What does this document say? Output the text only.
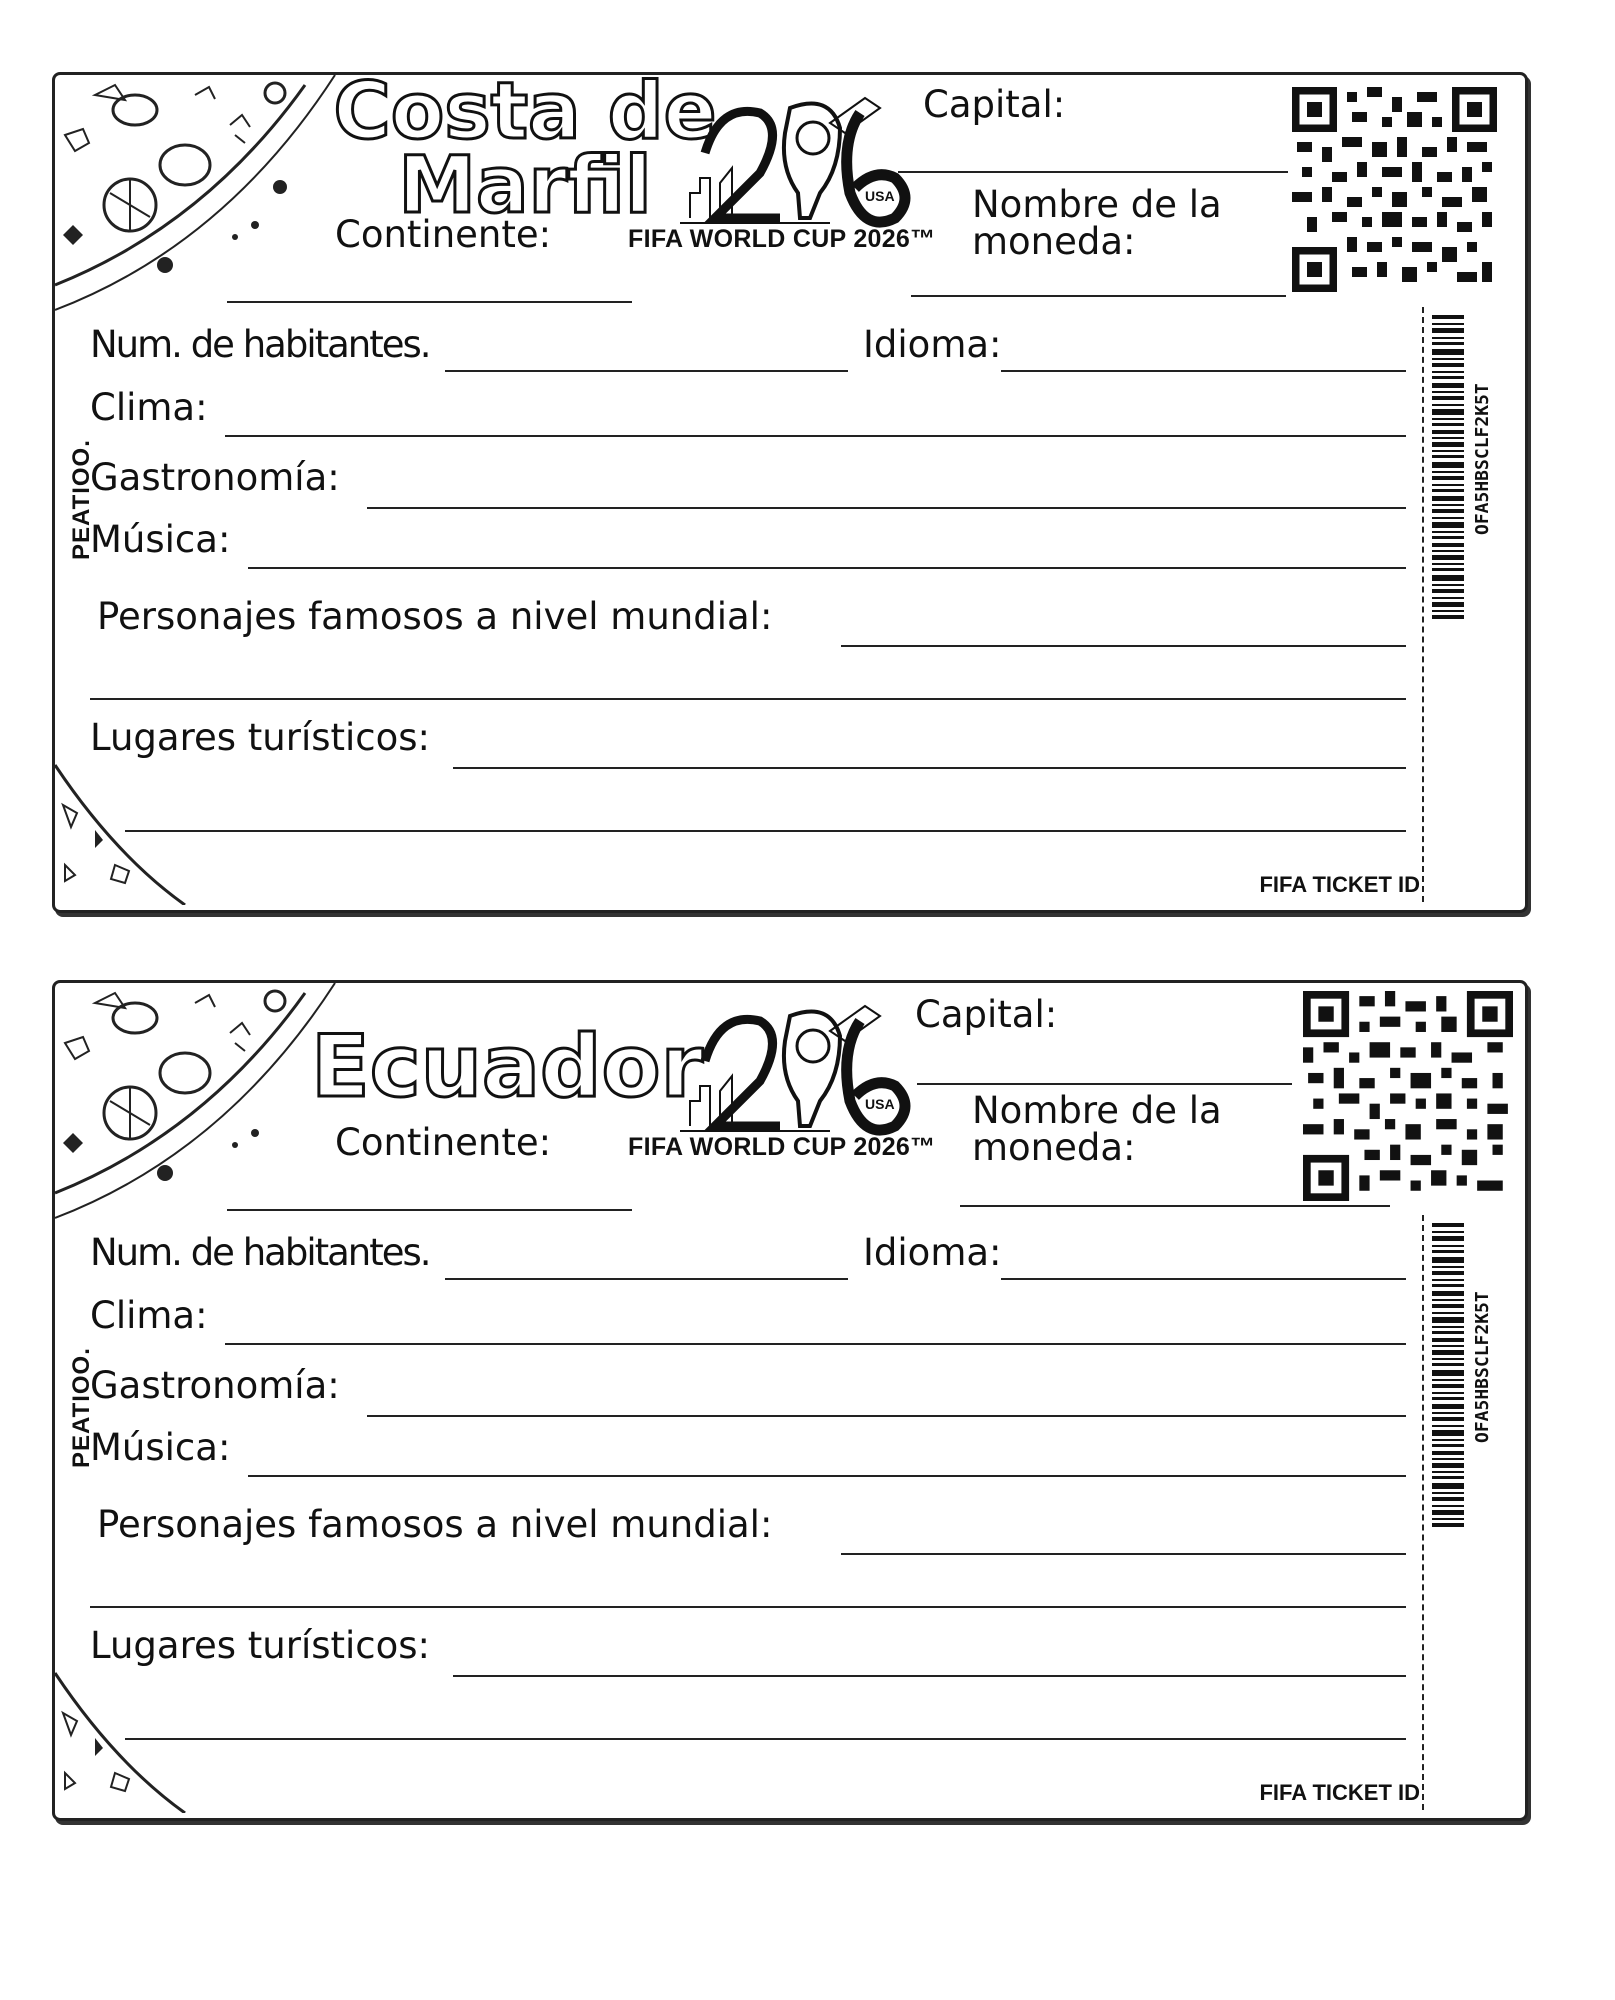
Costa de
Marfil	USA
FIFA WORLD CUP 2026™
Capital:
Continente:
Nombre de la
moneda:
OFA5HBSCLF2K5T
PEATIOO.
Num. de habitantes.	Idioma:
Clima:
Gastronomía:
Música:
Personajes famosos a nivel mundial:
Lugares turísticos:
FIFA TICKET ID
Ecuador	USA
FIFA WORLD CUP 2026™
Capital:
Continente:
Nombre de la
moneda:
OFA5HBSCLF2K5T
PEATIOO.
Num. de habitantes.	Idioma:
Clima:
Gastronomía:
Música:
Personajes famosos a nivel mundial:
Lugares turísticos:
FIFA TICKET ID
